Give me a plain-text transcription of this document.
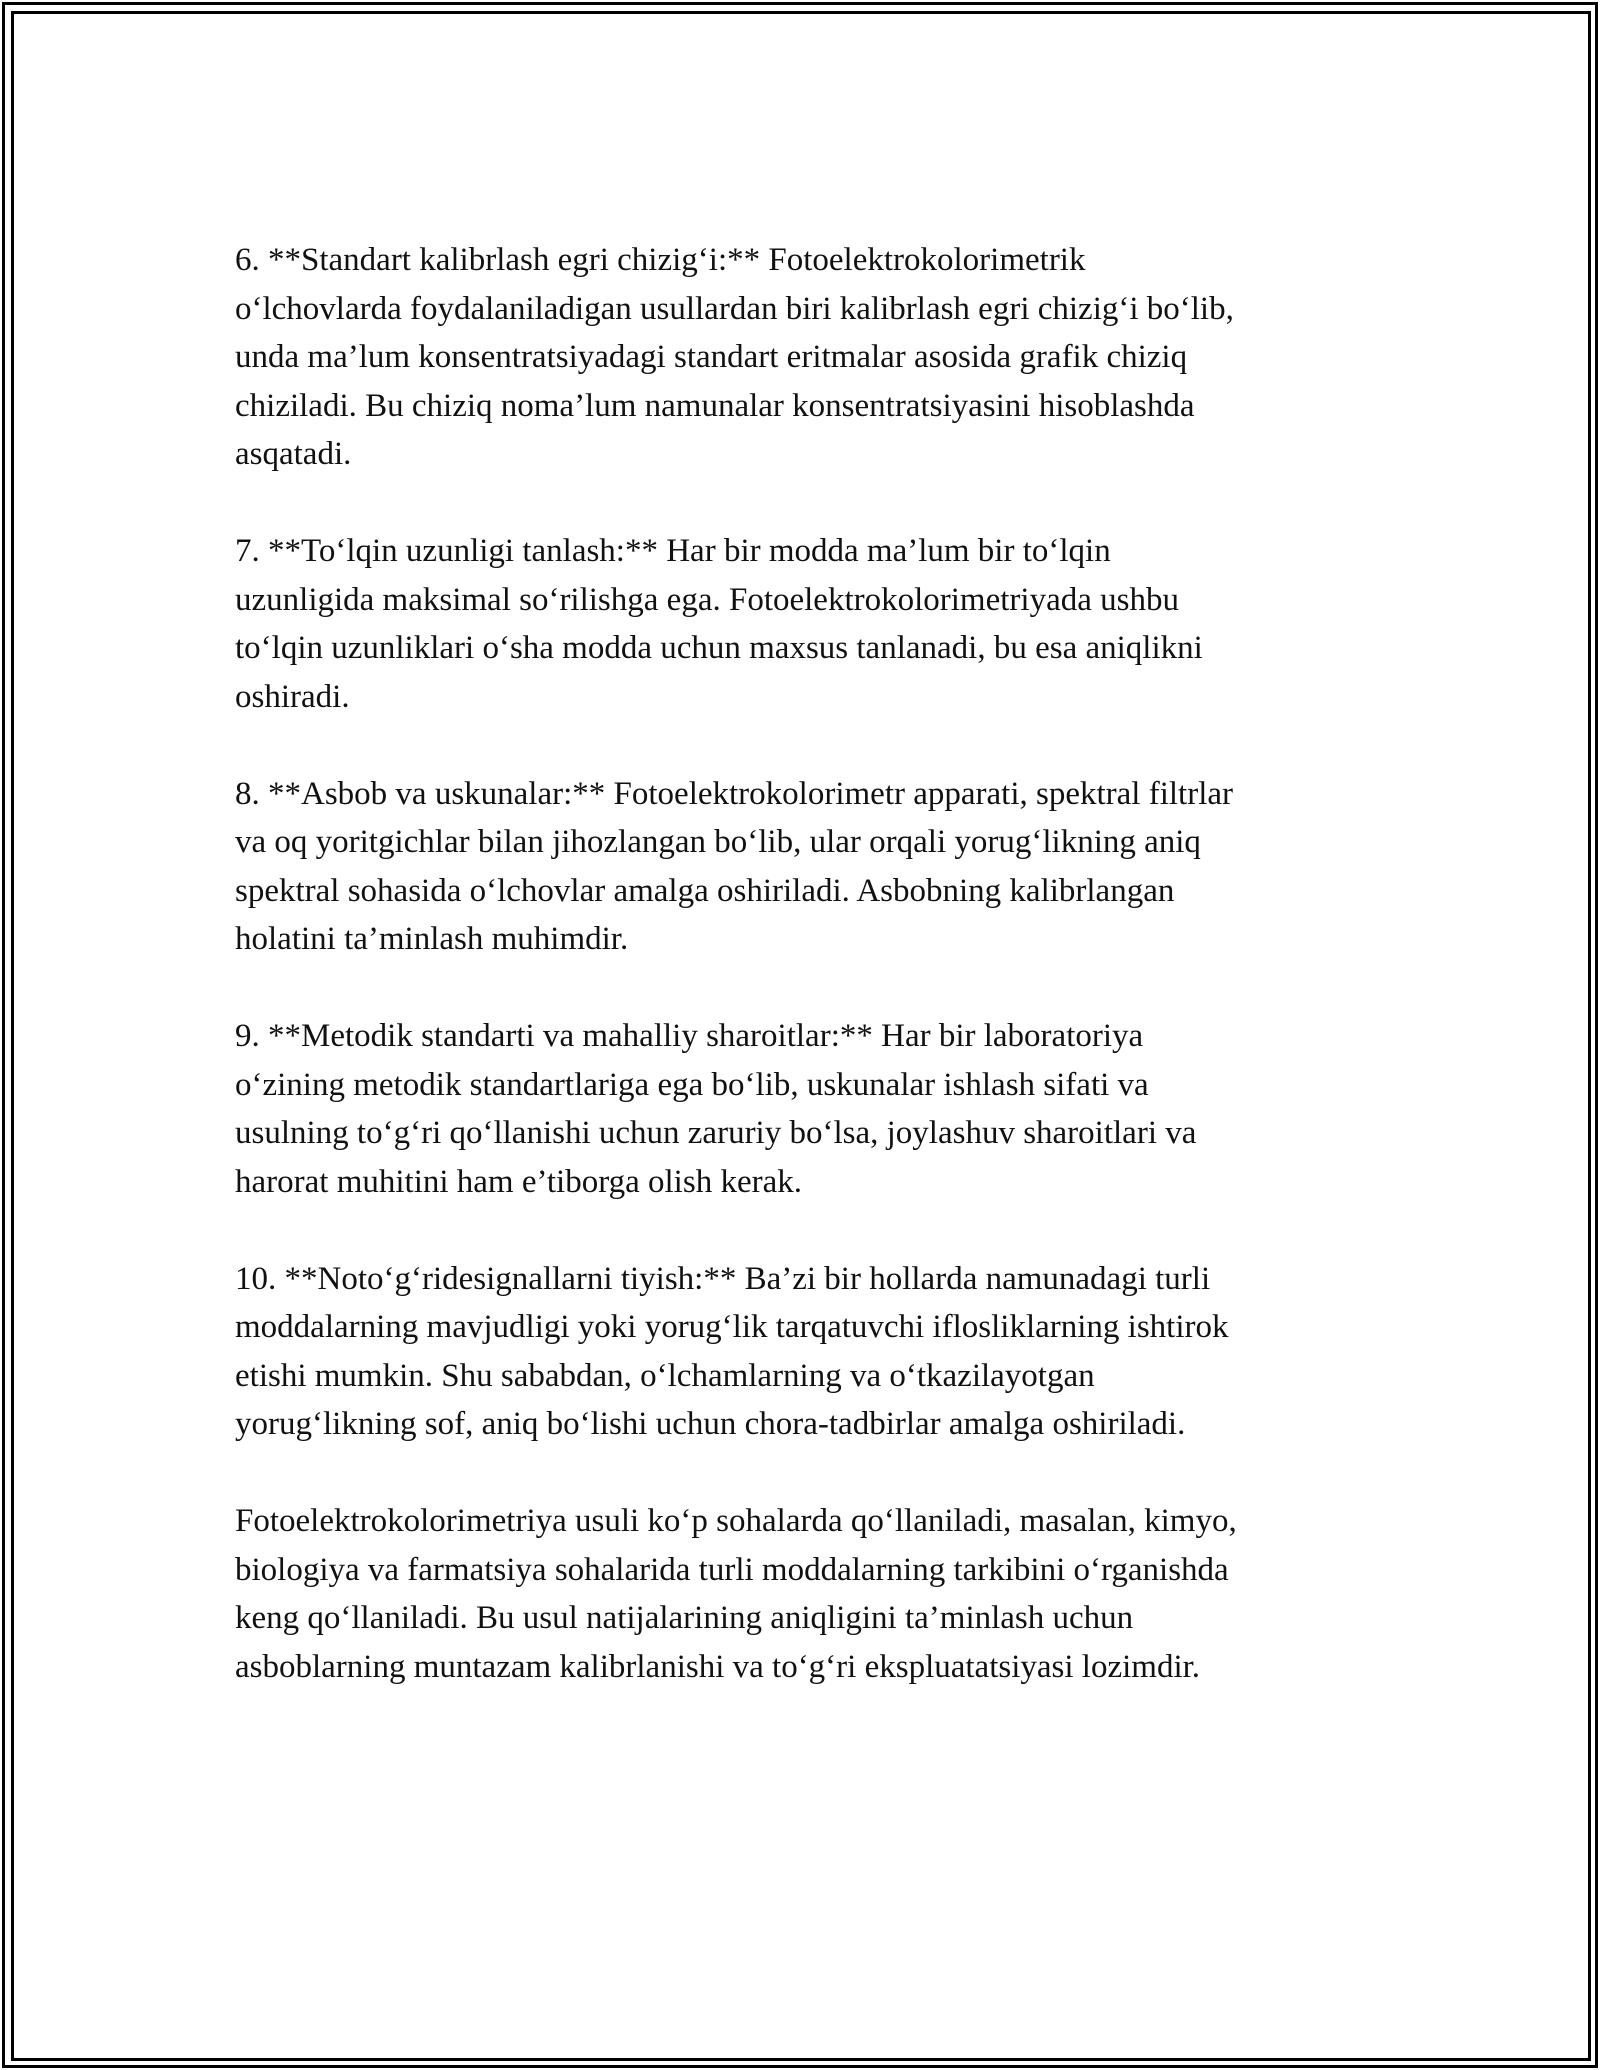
6. **Standart kalibrlash egri chizig‘i:** Fotoelektrokolorimetrik
o‘lchovlarda foydalaniladigan usullardan biri kalibrlash egri chizig‘i bo‘lib,
unda ma’lum konsentratsiyadagi standart eritmalar asosida grafik chiziq
chiziladi. Bu chiziq noma’lum namunalar konsentratsiyasini hisoblashda
asqatadi.

7. **To‘lqin uzunligi tanlash:** Har bir modda ma’lum bir to‘lqin
uzunligida maksimal so‘rilishga ega. Fotoelektrokolorimetriyada ushbu
to‘lqin uzunliklari o‘sha modda uchun maxsus tanlanadi, bu esa aniqlikni
oshiradi.

8. **Asbob va uskunalar:** Fotoelektrokolorimetr apparati, spektral filtrlar
va oq yoritgichlar bilan jihozlangan bo‘lib, ular orqali yorug‘likning aniq
spektral sohasida o‘lchovlar amalga oshiriladi. Asbobning kalibrlangan
holatini ta’minlash muhimdir.

9. **Metodik standarti va mahalliy sharoitlar:** Har bir laboratoriya
o‘zining metodik standartlariga ega bo‘lib, uskunalar ishlash sifati va
usulning to‘g‘ri qo‘llanishi uchun zaruriy bo‘lsa, joylashuv sharoitlari va
harorat muhitini ham e’tiborga olish kerak.

10. **Noto‘g‘ridesignallarni tiyish:** Ba’zi bir hollarda namunadagi turli
moddalarning mavjudligi yoki yorug‘lik tarqatuvchi iflosliklarning ishtirok
etishi mumkin. Shu sababdan, o‘lchamlarning va o‘tkazilayotgan
yorug‘likning sof, aniq bo‘lishi uchun chora-tadbirlar amalga oshiriladi.

Fotoelektrokolorimetriya usuli ko‘p sohalarda qo‘llaniladi, masalan, kimyo,
biologiya va farmatsiya sohalarida turli moddalarning tarkibini o‘rganishda
keng qo‘llaniladi. Bu usul natijalarining aniqligini ta’minlash uchun
asboblarning muntazam kalibrlanishi va to‘g‘ri ekspluatatsiyasi lozimdir.
